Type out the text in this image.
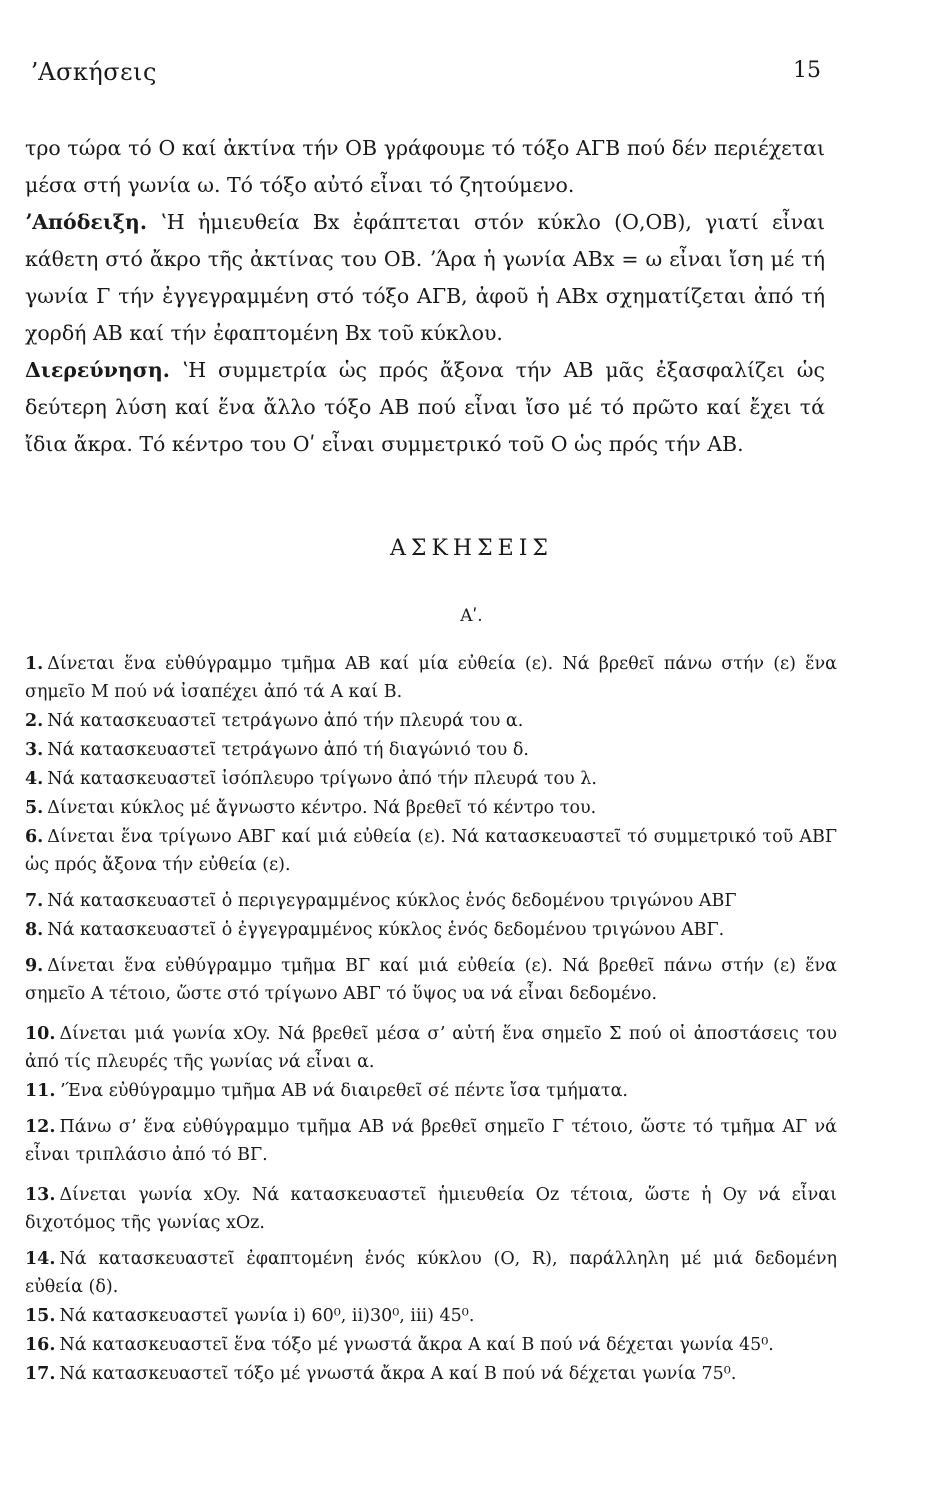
ʼΑσκήσεις	15

τρο τώρα τό Ο καί ἀκτίνα τήν ΟΒ γράφουμε τό τόξο ΑΓΒ πού δέν περιέχεται μέσα στή γωνία ω. Τό τόξο αὐτό εἶναι τό ζητούμενο.

ʼΑπόδειξη. ʽΗ ἡμιευθεία Βx ἐφάπτεται στόν κύκλο (Ο,ΟΒ), γιατί εἶναι κάθετη στό ἄκρο τῆς ἀκτίνας του ΟΒ. ʼΆρα ἡ γωνία ΑΒx = ω εἶναι ἴση μέ τή γωνία Γ τήν ἐγγεγραμμένη στό τόξο ΑΓΒ, ἀφοῦ ἡ ΑΒx σχηματίζεται ἀπό τή χορδή ΑΒ καί τήν ἐφαπτομένη Βx τοῦ κύκλου.

Διερεύνηση. ʽΗ συμμετρία ὡς πρός ἄξονα τήν ΑΒ μᾶς ἐξασφαλίζει ὡς δεύτερη λύση καί ἕνα ἄλλο τόξο ΑΒ πού εἶναι ἴσο μέ τό πρῶτο καί ἔχει τά ἴδια ἄκρα. Τό κέντρο του Οʹ εἶναι συμμετρικό τοῦ Ο ὡς πρός τήν ΑΒ.

ΑΣΚΗΣΕΙΣ
Αʹ.

1. Δίνεται ἕνα εὐθύγραμμο τμῆμα ΑΒ καί μία εὐθεία (ε). Νά βρεθεῖ πάνω στήν (ε) ἕνα σημεῖο Μ πού νά ἰσαπέχει ἀπό τά Α καί Β.

2. Νά κατασκευαστεῖ τετράγωνο ἀπό τήν πλευρά του α.

3. Νά κατασκευαστεῖ τετράγωνο ἀπό τή διαγώνιό του δ.

4. Νά κατασκευαστεῖ ἰσόπλευρο τρίγωνο ἀπό τήν πλευρά του λ.

5. Δίνεται κύκλος μέ ἄγνωστο κέντρο. Νά βρεθεῖ τό κέντρο του.

6. Δίνεται ἕνα τρίγωνο ΑΒΓ καί μιά εὐθεία (ε). Νά κατασκευαστεῖ τό συμμετρικό τοῦ ΑΒΓ ὡς πρός ἄξονα τήν εὐθεία (ε).

7. Νά κατασκευαστεῖ ὁ περιγεγραμμένος κύκλος ἑνός δεδομένου τριγώνου ΑΒΓ

8. Νά κατασκευαστεῖ ὁ ἐγγεγραμμένος κύκλος ἑνός δεδομένου τριγώνου ΑΒΓ.

9. Δίνεται ἕνα εὐθύγραμμο τμῆμα ΒΓ καί μιά εὐθεία (ε). Νά βρεθεῖ πάνω στήν (ε) ἕνα σημεῖο Α τέτοιο, ὥστε στό τρίγωνο ΑΒΓ τό ὕψος υα νά εἶναι δεδομένο.

10. Δίνεται μιά γωνία xOy. Νά βρεθεῖ μέσα σʼ αὐτή ἕνα σημεῖο Σ πού οἱ ἀποστάσεις του ἀπό τίς πλευρές τῆς γωνίας νά εἶναι α.

11. ʼΈνα εὐθύγραμμο τμῆμα ΑΒ νά διαιρεθεῖ σέ πέντε ἴσα τμήματα.

12. Πάνω σʼ ἕνα εὐθύγραμμο τμῆμα ΑΒ νά βρεθεῖ σημεῖο Γ τέτοιο, ὥστε τό τμῆμα ΑΓ νά εἶναι τριπλάσιο ἀπό τό ΒΓ.

13. Δίνεται γωνία xOy. Νά κατασκευαστεῖ ἡμιευθεία Oz τέτοια, ὥστε ἡ Oy νά εἶναι διχοτόμος τῆς γωνίας xOz.

14. Νά κατασκευαστεῖ ἐφαπτομένη ἑνός κύκλου (Ο, R), παράλληλη μέ μιά δεδομένη εὐθεία (δ).

15. Νά κατασκευαστεῖ γωνία i) 60⁰, ii)30⁰, iii) 45⁰.

16. Νά κατασκευαστεῖ ἕνα τόξο μέ γνωστά ἄκρα Α καί Β πού νά δέχεται γωνία 45⁰.

17. Νά κατασκευαστεῖ τόξο μέ γνωστά ἄκρα Α καί Β πού νά δέχεται γωνία 75⁰.
